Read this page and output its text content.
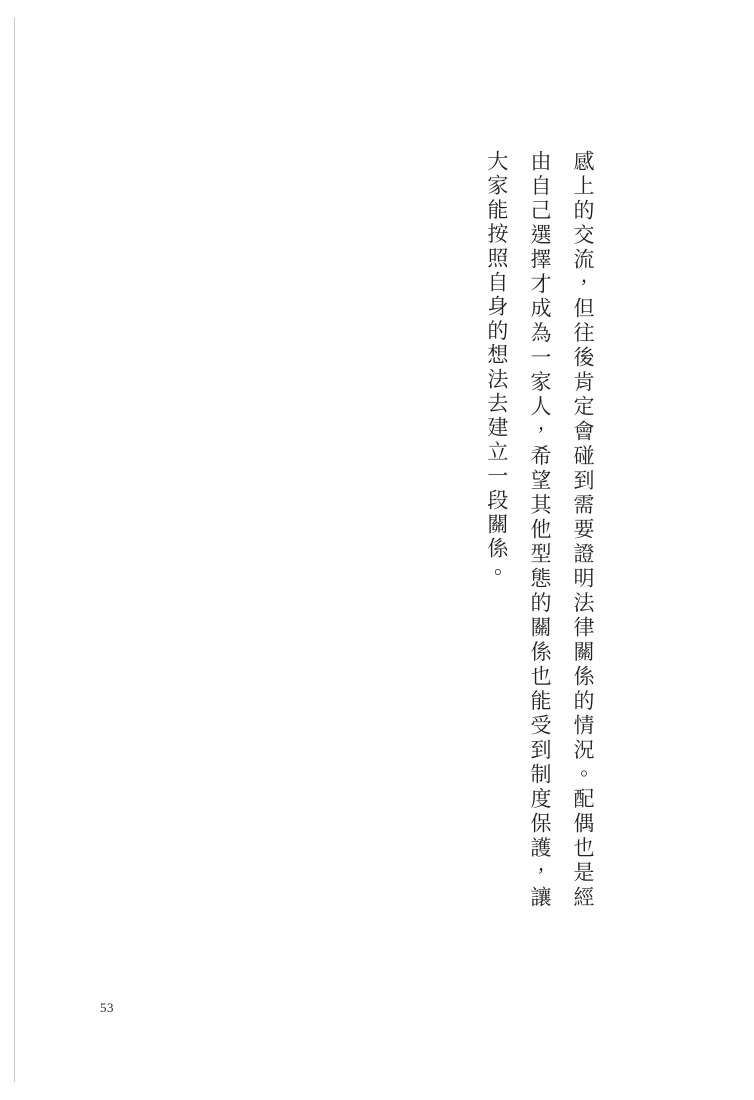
感上的交流，但往後肯定會碰到需要證明法律關係的情況。配偶也是經由自己選擇才成為一家人，希望其他型態的關係也能受到制度保護，讓大家能按照自身的想法去建立一段關係。

53
